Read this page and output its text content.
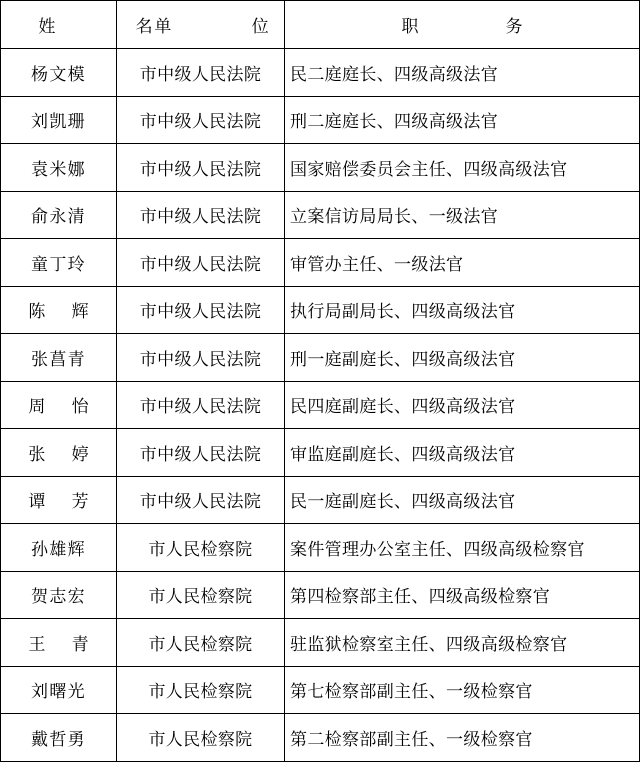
姓 名	单 位	职 务
杨文模	市中级人民法院	民二庭庭长、四级高级法官
刘凯珊	市中级人民法院	刑二庭庭长、四级高级法官
袁米娜	市中级人民法院	国家赔偿委员会主任、四级高级法官
俞永清	市中级人民法院	立案信访局局长、一级法官
童丁玲	市中级人民法院	审管办主任、一级法官
陈辉	市中级人民法院	执行局副局长、四级高级法官
张菖青	市中级人民法院	刑一庭副庭长、四级高级法官
周怡	市中级人民法院	民四庭副庭长、四级高级法官
张婷	市中级人民法院	审监庭副庭长、四级高级法官
谭芳	市中级人民法院	民一庭副庭长、四级高级法官
孙雄辉	市人民检察院	案件管理办公室主任、四级高级检察官
贺志宏	市人民检察院	第四检察部主任、四级高级检察官
王青	市人民检察院	驻监狱检察室主任、四级高级检察官
刘曙光	市人民检察院	第七检察部副主任、一级检察官
戴哲勇	市人民检察院	第二检察部副主任、一级检察官
